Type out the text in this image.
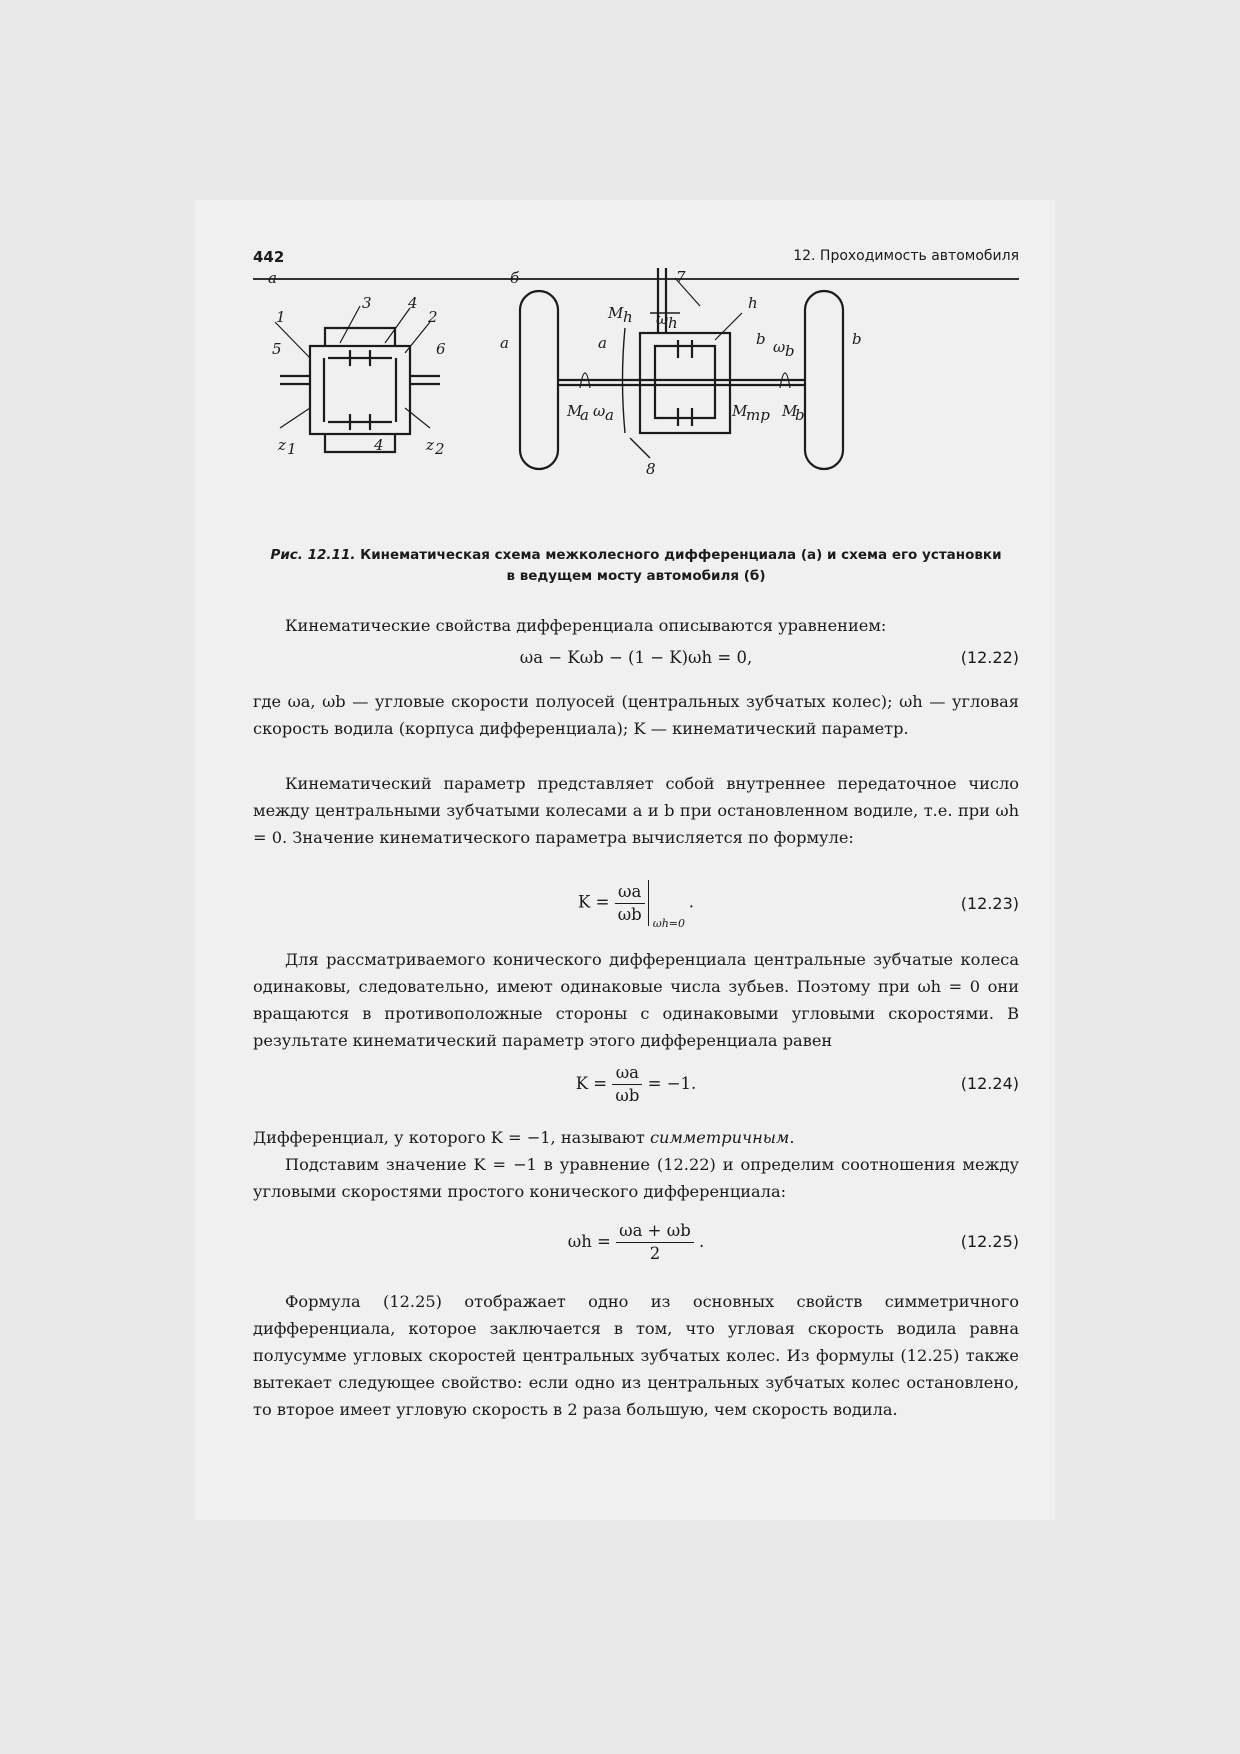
442	12. Проходимость автомобиля
а	б
1
3 4
2
5	6
z 1	4	z 2
7
h
M h ω h
a	a	b ω b
b
M
a ω a	M
тр M
b
8
Рис. 12.11. Кинематическая схема межколесного дифференциала (а) и схема его установки
в ведущем мосту автомобиля (б)

Кинематические свойства дифференциала описываются уравнением:

ωa − Kωb − (1 − K)ωh = 0,	(12.22)

где ωa, ωb — угловые скорости полуосей (центральных зубчатых колес); ωh — угловая скорость водила (корпуса дифференциала); K — кинематический параметр.

Кинематический параметр представляет собой внутреннее передаточное число между центральными зубчатыми колесами a и b при остановленном водиле, т.е. при ωh = 0. Значение кинематического параметра вычисляется по формуле:

$K = \frac{\omega a}{\omega b} \omega h=0$
.	(12.23)

Для рассматриваемого конического дифференциала центральные зубчатые колеса одинаковы, следовательно, имеют одинаковые числа зубьев. Поэтому при ωh = 0 они вращаются в противоположные стороны с одинаковыми угловыми скоростями. В результате кинематический параметр этого дифференциала равен

$K = \frac{\omega a}{\omega b} = -1$.	(12.24)

Дифференциал, у которого K = −1, называют симметричным.

Подставим значение K = −1 в уравнение (12.22) и определим соотношения между угловыми скоростями простого конического дифференциала:

$\omega h = \frac{\omega a + \omega b}{2}$ .	(12.25)

Формула (12.25) отображает одно из основных свойств симметричного дифференциала, которое заключается в том, что угловая скорость водила равна полусумме угловых скоростей центральных зубчатых колес. Из формулы (12.25) также вытекает следующее свойство: если одно из центральных зубчатых колес остановлено, то второе имеет угловую скорость в 2 раза большую, чем скорость водила.
